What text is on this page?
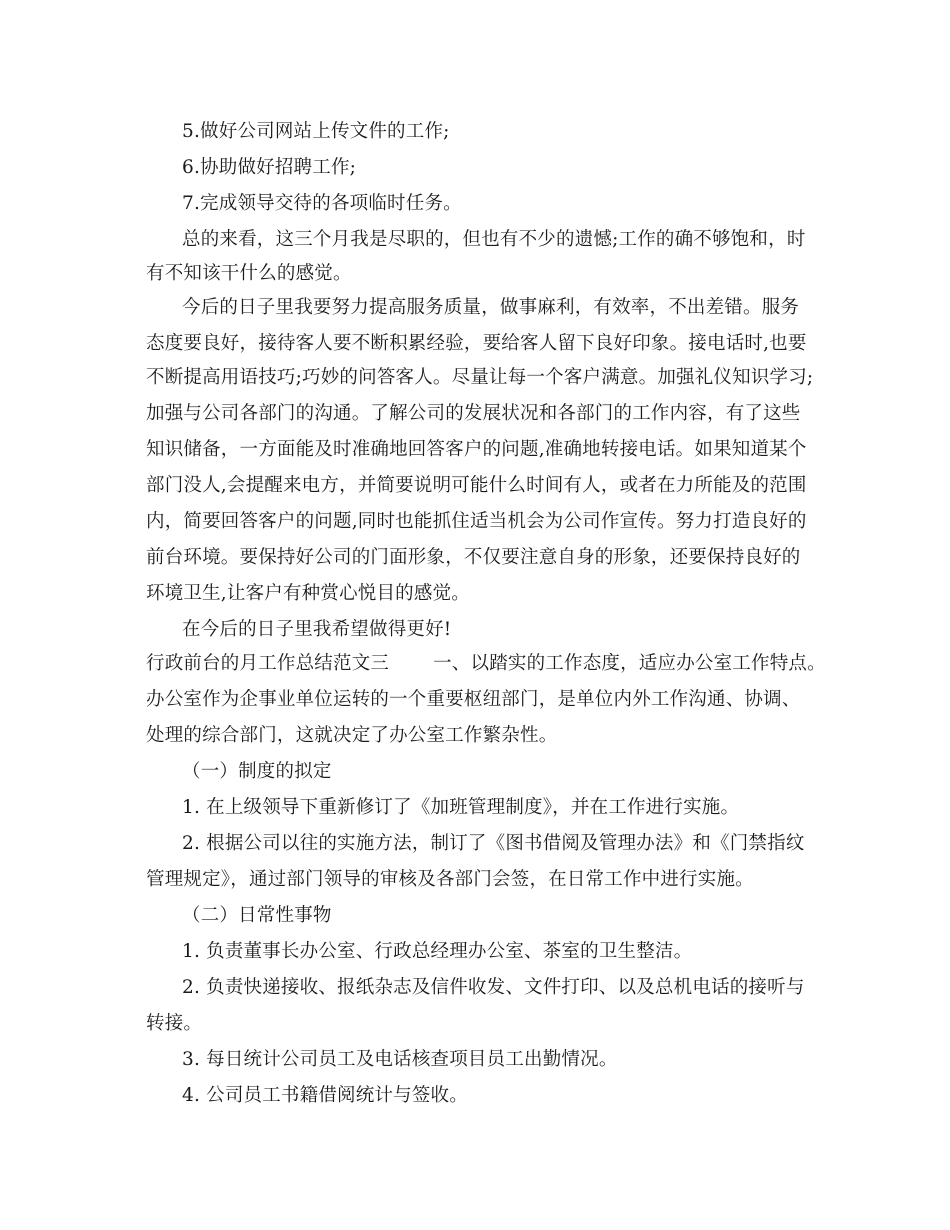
5.做好公司网站上传文件的工作;
6.协助做好招聘工作;
7.完成领导交待的各项临时任务。
总的来看，这三个月我是尽职的，但也有不少的遗憾;工作的确不够饱和，时
有不知该干什么的感觉。
今后的日子里我要努力提高服务质量，做事麻利，有效率，不出差错。服务
态度要良好，接待客人要不断积累经验，要给客人留下良好印象。接电话时,也要
不断提高用语技巧;巧妙的问答客人。尽量让每一个客户满意。加强礼仪知识学习;
加强与公司各部门的沟通。了解公司的发展状况和各部门的工作内容，有了这些
知识储备，一方面能及时准确地回答客户的问题,准确地转接电话。如果知道某个
部门没人,会提醒来电方，并简要说明可能什么时间有人，或者在力所能及的范围
内，简要回答客户的问题,同时也能抓住适当机会为公司作宣传。努力打造良好的
前台环境。要保持好公司的门面形象，不仅要注意自身的形象，还要保持良好的
环境卫生,让客户有种赏心悦目的感觉。
在今后的日子里我希望做得更好!
行政前台的月工作总结范文三 一、以踏实的工作态度，适应办公室工作特点。
办公室作为企事业单位运转的一个重要枢纽部门，是单位内外工作沟通、协调、
处理的综合部门，这就决定了办公室工作繁杂性。
（一）制度的拟定
1. 在上级领导下重新修订了《加班管理制度》，并在工作进行实施。
2. 根据公司以往的实施方法，制订了《图书借阅及管理办法》和《门禁指纹
管理规定》，通过部门领导的审核及各部门会签，在日常工作中进行实施。
（二）日常性事物
1. 负责董事长办公室、行政总经理办公室、茶室的卫生整洁。
2. 负责快递接收、报纸杂志及信件收发、文件打印、以及总机电话的接听与
转接。
3. 每日统计公司员工及电话核查项目员工出勤情况。
4. 公司员工书籍借阅统计与签收。
